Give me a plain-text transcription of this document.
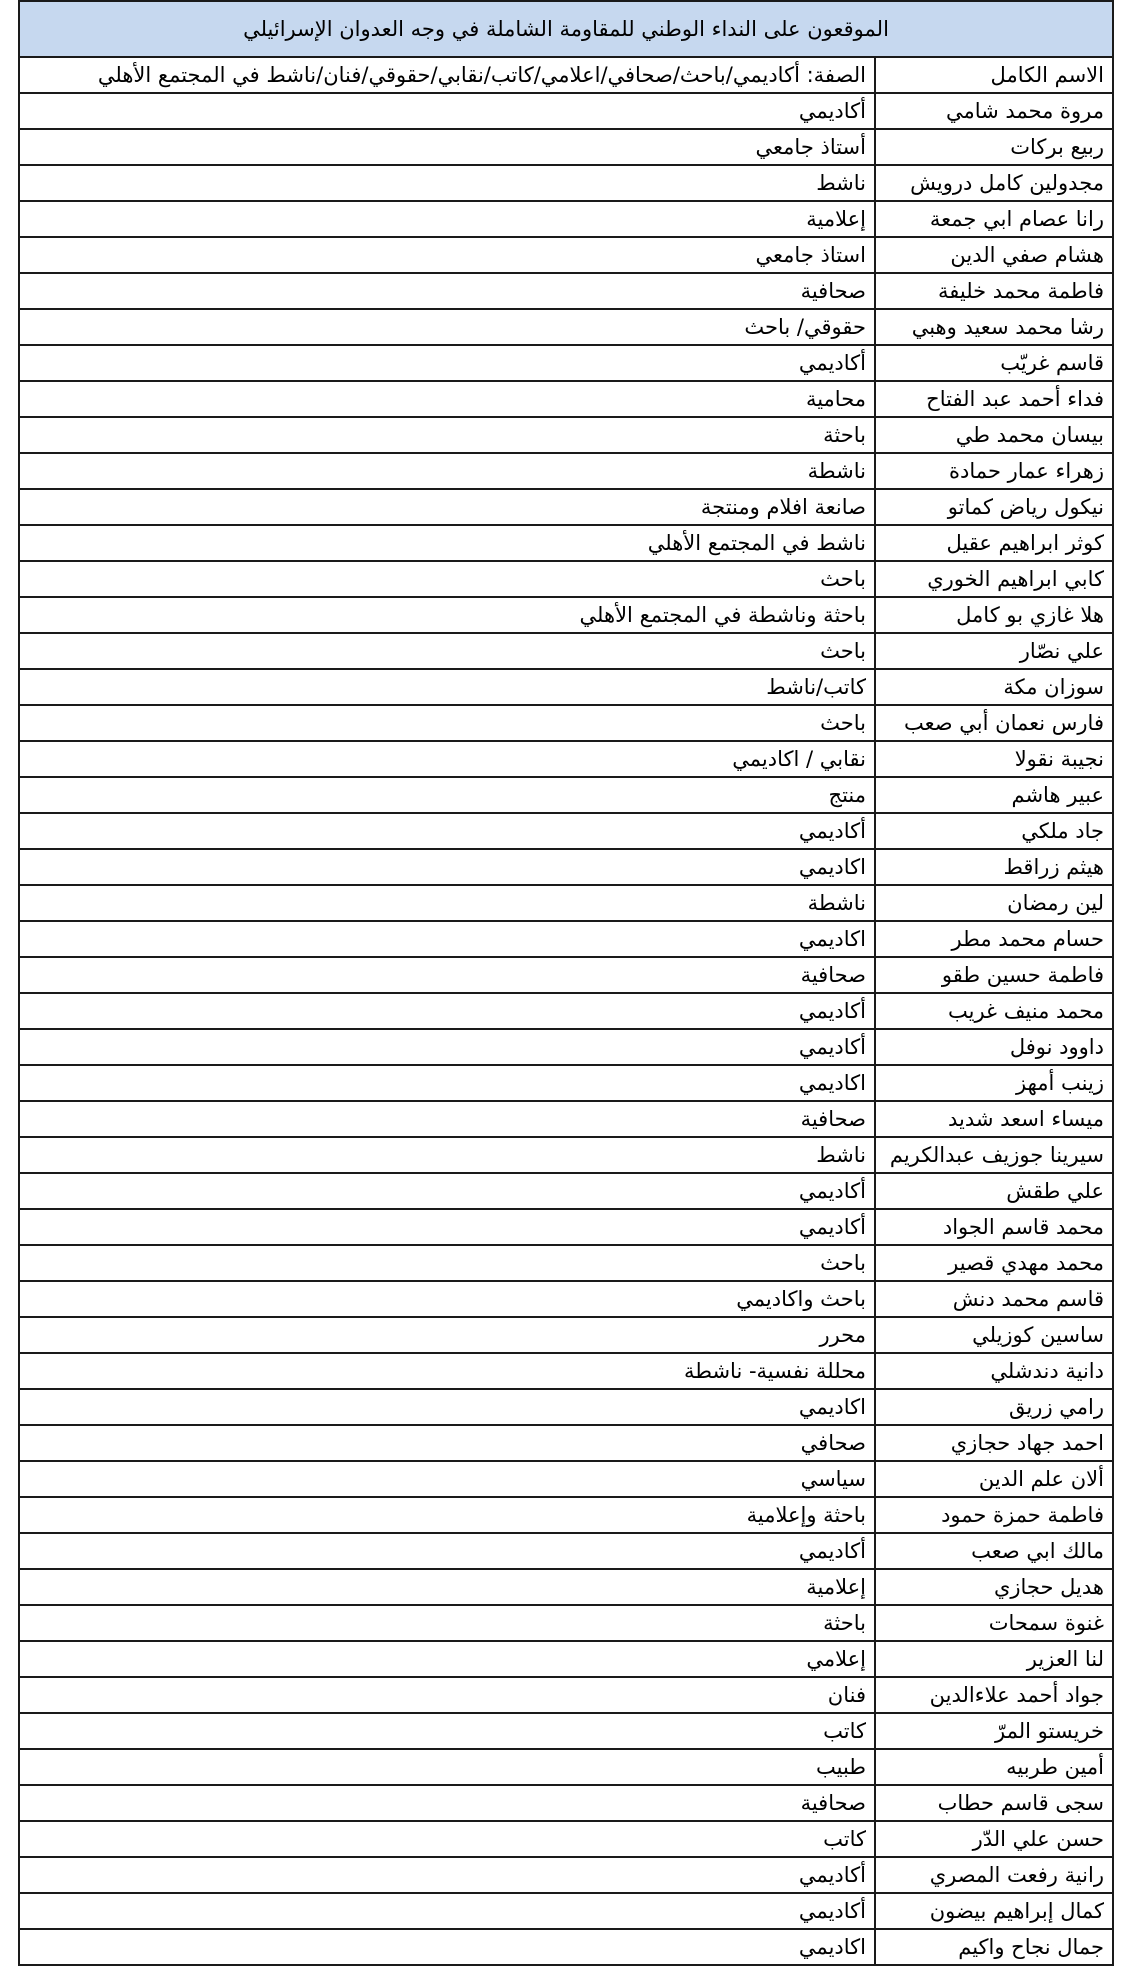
الموقعون على النداء الوطني للمقاومة الشاملة في وجه العدوان الإسرائيلي	
الاسم الكامل	الصفة: أكاديمي/باحث/صحافي/اعلامي/كاتب/نقابي/حقوقي/فنان/ناشط في المجتمع الأهلي
مروة محمد شامي	أكاديمي
ربيع بركات	أستاذ جامعي
مجدولين كامل درويش	ناشط
رانا عصام ابي جمعة	إعلامية
هشام صفي الدين	استاذ جامعي
فاطمة محمد خليفة	صحافية
رشا محمد سعيد وهبي	حقوقي/ باحث
قاسم غريّب	أكاديمي
فداء أحمد عبد الفتاح	محامية
بيسان محمد طي	باحثة
زهراء عمار حمادة	ناشطة
نيكول رياض كماتو	صانعة افلام ومنتجة
كوثر ابراهيم عقيل	ناشط في المجتمع الأهلي
كابي ابراهيم الخوري	باحث
هلا غازي بو كامل	باحثة وناشطة في المجتمع الأهلي
علي نصّار	باحث
سوزان مكة	كاتب/ناشط
فارس نعمان أبي صعب	باحث
نجيبة نقولا	نقابي / اكاديمي
عبير هاشم	منتج
جاد ملكي	أكاديمي
هيثم زراقط	اكاديمي
لين رمضان	ناشطة
حسام محمد مطر	اكاديمي
فاطمة حسين طقو	صحافية
محمد منيف غريب	أكاديمي
داوود نوفل	أكاديمي
زينب أمهز	اكاديمي
ميساء اسعد شديد	صحافية
سيرينا جوزيف عبدالكريم	ناشط
علي طقش	أكاديمي
محمد قاسم الجواد	أكاديمي
محمد مهدي قصير	باحث
قاسم محمد دنش	باحث واكاديمي
ساسين كوزيلي	محرر
دانية دندشلي	محللة نفسية- ناشطة
رامي زريق	اكاديمي
احمد جهاد حجازي	صحافي
ألان علم الدين	سياسي
فاطمة حمزة حمود	باحثة وإعلامية
مالك ابي صعب	أكاديمي
هديل حجازي	إعلامية
غنوة سمحات	باحثة
لنا العزير	إعلامي
جواد أحمد علاءالدين	فنان
خريستو المرّ	كاتب
أمين طربيه	طبيب
سجى قاسم حطاب	صحافية
حسن علي الدّر	كاتب
رانية رفعت المصري	أكاديمي
كمال إبراهيم بيضون	أكاديمي
جمال نجاح واكيم	اكاديمي
